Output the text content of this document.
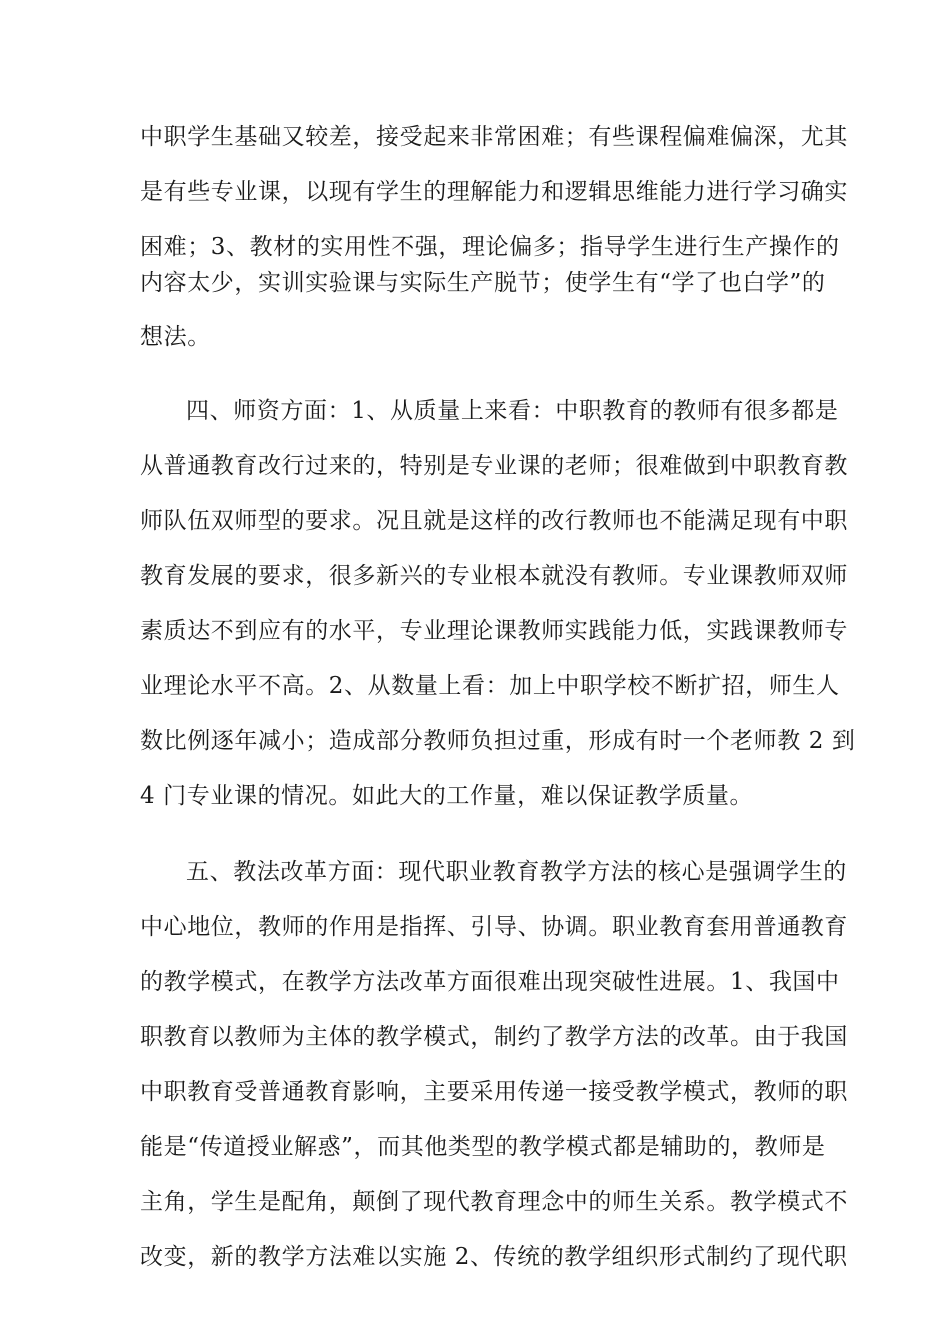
中职学生基础又较差，接受起来非常困难；有些课程偏难偏深，尤其
是有些专业课，以现有学生的理解能力和逻辑思维能力进行学习确实
困难；3、教材的实用性不强，理论偏多；指导学生进行生产操作的
内容太少，实训实验课与实际生产脱节；使学生有“学了也白学”的
想法。
四、师资方面：1、从质量上来看：中职教育的教师有很多都是
从普通教育改行过来的，特别是专业课的老师；很难做到中职教育教
师队伍双师型的要求。况且就是这样的改行教师也不能满足现有中职
教育发展的要求，很多新兴的专业根本就没有教师。专业课教师双师
素质达不到应有的水平，专业理论课教师实践能力低，实践课教师专
业理论水平不高。2、从数量上看：加上中职学校不断扩招，师生人
数比例逐年减小；造成部分教师负担过重，形成有时一个老师教 2 到
4 门专业课的情况。如此大的工作量，难以保证教学质量。
五、教法改革方面：现代职业教育教学方法的核心是强调学生的
中心地位，教师的作用是指挥、引导、协调。职业教育套用普通教育
的教学模式，在教学方法改革方面很难出现突破性进展。1、我国中
职教育以教师为主体的教学模式，制约了教学方法的改革。由于我国
中职教育受普通教育影响，主要采用传递一接受教学模式，教师的职
能是“传道授业解惑”，而其他类型的教学模式都是辅助的，教师是
主角，学生是配角，颠倒了现代教育理念中的师生关系。教学模式不
改变，新的教学方法难以实施 2、传统的教学组织形式制约了现代职
